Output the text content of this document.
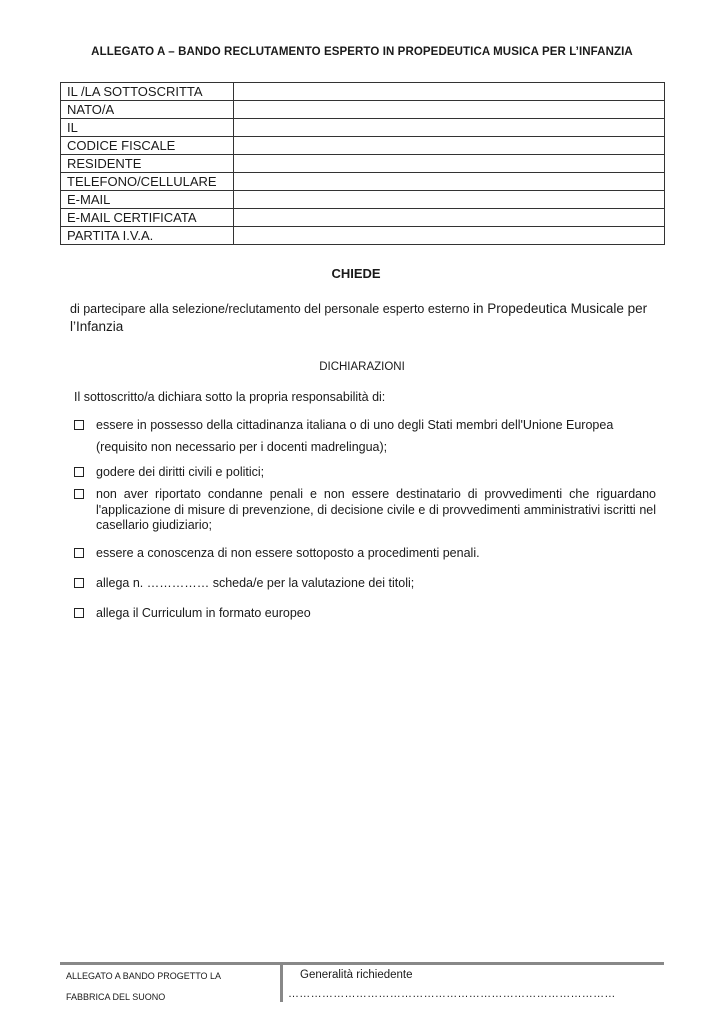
ALLEGATO A – BANDO RECLUTAMENTO ESPERTO IN PROPEDEUTICA MUSICA PER L’INFANZIA
IL /LA SOTTOSCRITTA	
NATO/A	
IL	
CODICE FISCALE	
RESIDENTE	
TELEFONO/CELLULARE	
E-MAIL	
E-MAIL CERTIFICATA	
PARTITA I.V.A.	
CHIEDE
di partecipare alla selezione/reclutamento del personale esperto esterno in Propedeutica Musicale per l’Infanzia
DICHIARAZIONI
Il sottoscritto/a dichiara sotto la propria responsabilità di:
essere in possesso della cittadinanza italiana o di uno degli Stati membri dell'Unione Europea
(requisito non necessario per i docenti madrelingua);
godere dei diritti civili e politici;
non aver riportato condanne penali e non essere destinatario di provvedimenti che riguardano l'applicazione di misure di prevenzione, di decisione civile e di provvedimenti amministrativi iscritti nel casellario giudiziario;
essere a conoscenza di non essere sottoposto a procedimenti penali.
allega n. …………… scheda/e per la valutazione dei titoli;
allega il Curriculum in formato europeo
ALLEGATO A BANDO PROGETTO LA
FABBRICA DEL SUONO
Generalità richiedente
……………………………………………………………………………
